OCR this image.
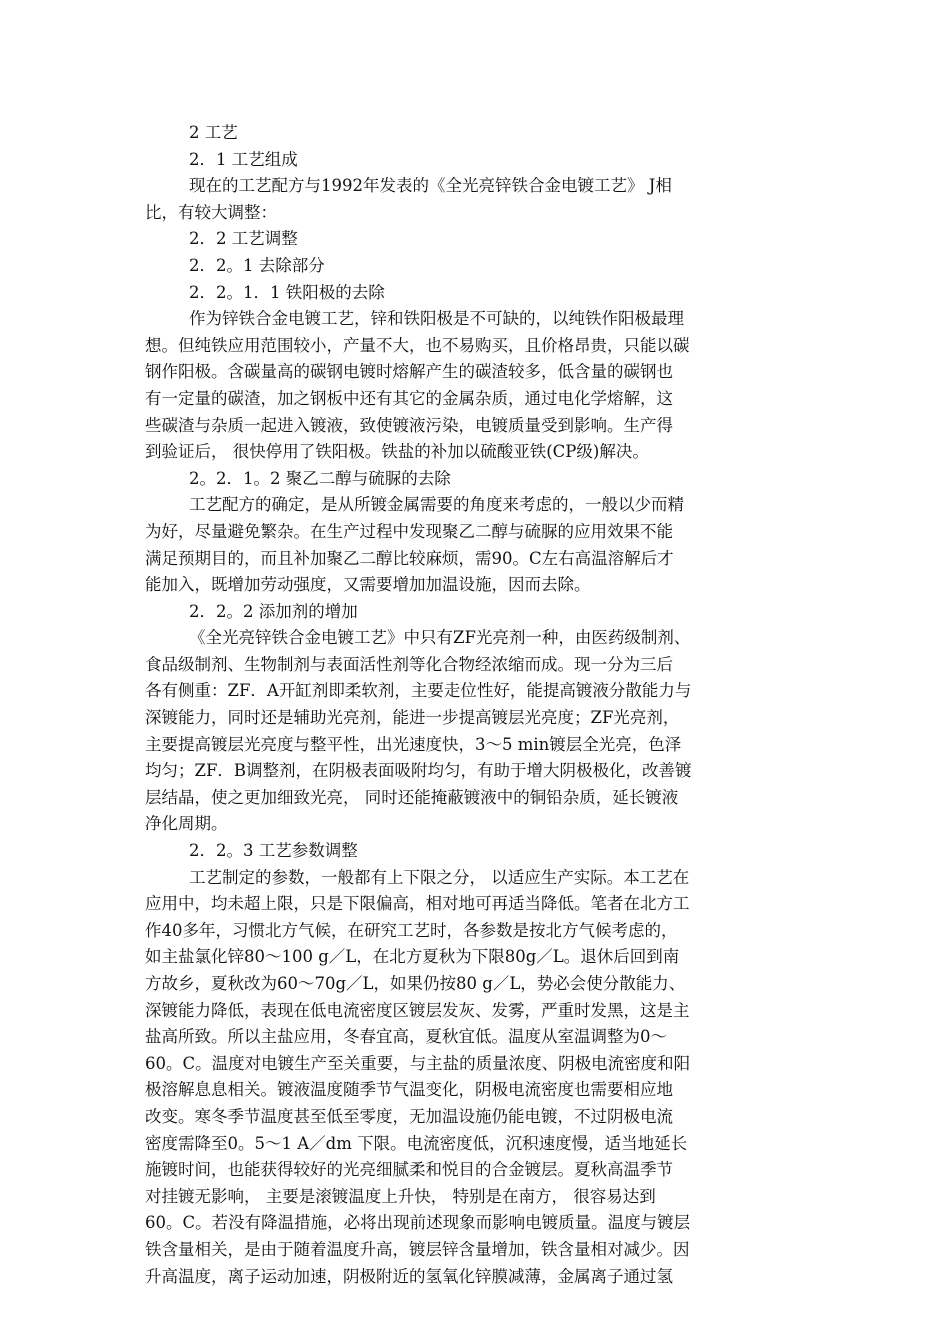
2 工艺
2．1 工艺组成
现在的工艺配方与1992年发表的《全光亮锌铁合金电镀工艺》 J相
比，有较大调整：
2．2 工艺调整
2．2。1 去除部分
2．2。1．1 铁阳极的去除
作为锌铁合金电镀工艺，锌和铁阳极是不可缺的，以纯铁作阳极最理
想。但纯铁应用范围较小，产量不大，也不易购买，且价格昂贵，只能以碳
钢作阳极。含碳量高的碳钢电镀时熔解产生的碳渣较多，低含量的碳钢也
有一定量的碳渣，加之钢板中还有其它的金属杂质，通过电化学熔解，这
些碳渣与杂质一起进入镀液，致使镀液污染，电镀质量受到影响。生产得
到验证后， 很快停用了铁阳极。铁盐的补加以硫酸亚铁(CP级)解决。
2。2．1。2 聚乙二醇与硫脲的去除
工艺配方的确定，是从所镀金属需要的角度来考虑的，一般以少而精
为好，尽量避免繁杂。在生产过程中发现聚乙二醇与硫脲的应用效果不能
满足预期目的，而且补加聚乙二醇比较麻烦，需90。C左右高温溶解后才
能加入，既增加劳动强度，又需要增加加温设施，因而去除。
2．2。2 添加剂的增加
《全光亮锌铁合金电镀工艺》中只有ZF光亮剂一种，由医药级制剂、
食品级制剂、生物制剂与表面活性剂等化合物经浓缩而成。现一分为三后
各有侧重：ZF．A开缸剂即柔软剂，主要走位性好，能提高镀液分散能力与
深镀能力，同时还是辅助光亮剂，能进一步提高镀层光亮度；ZF光亮剂，
主要提高镀层光亮度与整平性，出光速度快，3～5 min镀层全光亮，色泽
均匀；ZF．B调整剂，在阴极表面吸附均匀，有助于增大阴极极化，改善镀
层结晶，使之更加细致光亮， 同时还能掩蔽镀液中的铜铅杂质，延长镀液
净化周期。
2．2。3 工艺参数调整
工艺制定的参数，一般都有上下限之分， 以适应生产实际。本工艺在
应用中，均未超上限，只是下限偏高，相对地可再适当降低。笔者在北方工
作40多年，习惯北方气候，在研究工艺时，各参数是按北方气候考虑的，
如主盐氯化锌80～100 g／L，在北方夏秋为下限80g／L。退休后回到南
方故乡，夏秋改为60～70g／L，如果仍按80 g／L，势必会使分散能力、
深镀能力降低，表现在低电流密度区镀层发灰、发雾，严重时发黑，这是主
盐高所致。所以主盐应用，冬春宜高，夏秋宜低。温度从室温调整为0～
60。C。温度对电镀生产至关重要，与主盐的质量浓度、阴极电流密度和阳
极溶解息息相关。镀液温度随季节气温变化，阴极电流密度也需要相应地
改变。寒冬季节温度甚至低至零度，无加温设施仍能电镀，不过阴极电流
密度需降至0。5～1 A／dm 下限。电流密度低，沉积速度慢，适当地延长
施镀时间，也能获得较好的光亮细腻柔和悦目的合金镀层。夏秋高温季节
对挂镀无影响， 主要是滚镀温度上升快， 特别是在南方， 很容易达到
60。C。若没有降温措施，必将出现前述现象而影响电镀质量。温度与镀层
铁含量相关，是由于随着温度升高，镀层锌含量增加，铁含量相对减少。因
升高温度，离子运动加速，阴极附近的氢氧化锌膜减薄，金属离子通过氢
